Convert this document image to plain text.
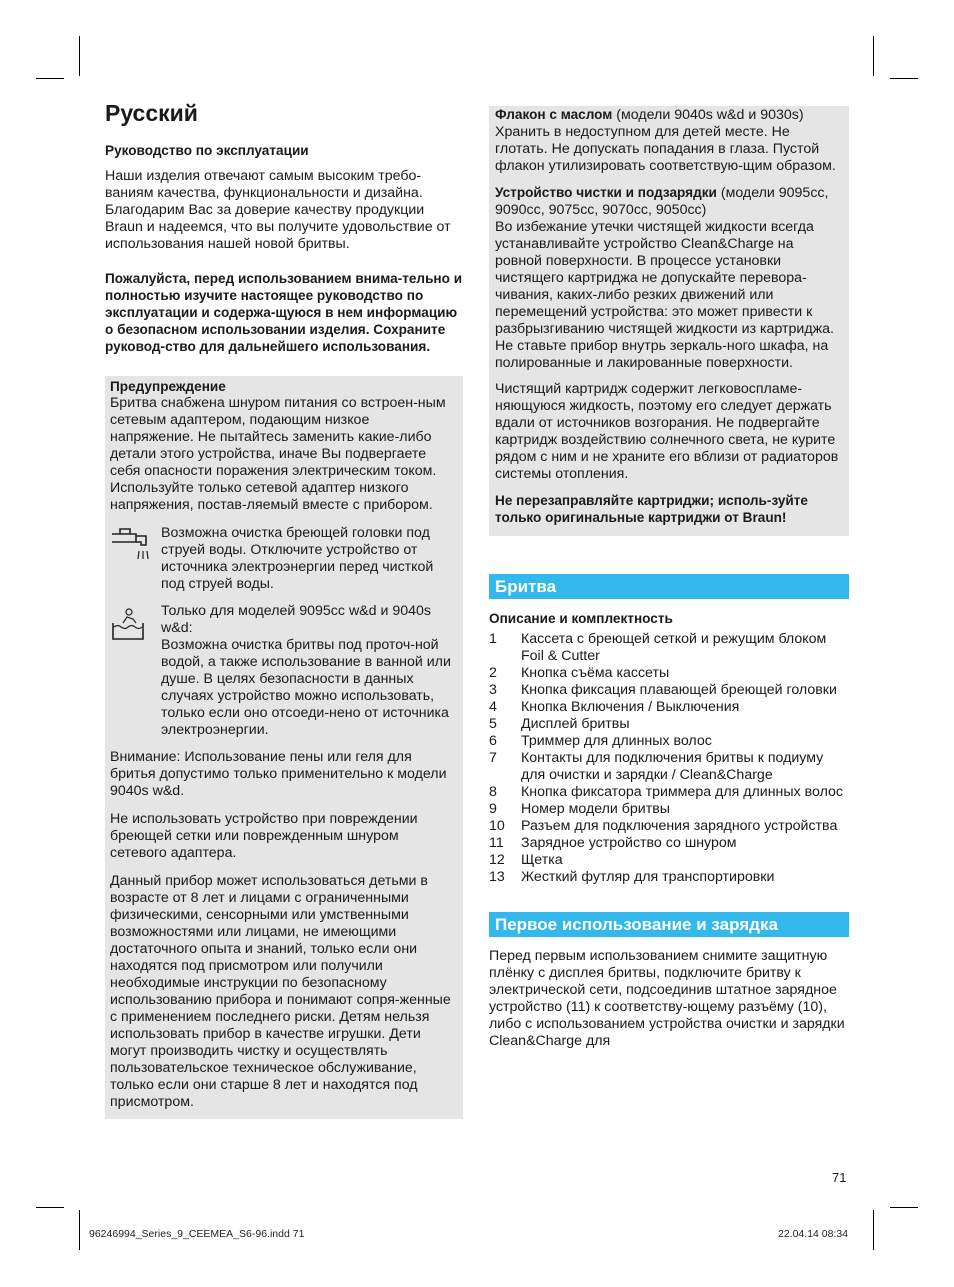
Русский
Руководство по эксплуатации

Наши изделия отвечают самым высоким требо-ваниям качества, функциональности и дизайна. Благодарим Вас за доверие качеству продукции Braun и надеемся, что вы получите удовольствие от использования нашей новой бритвы.

Пожалуйста, перед использованием внима-тельно и полностью изучите настоящее руководство по эксплуатации и содержа-щуюся в нем информацию о безопасном использовании изделия. Сохраните руковод-ство для дальнейшего использования.

Предупреждение

Бритва снабжена шнуром питания со встроен-ным сетевым адаптером, подающим низкое напряжение. Не пытайтесь заменить какие-либо детали этого устройства, иначе Вы подвергаете себя опасности поражения электрическим током. Используйте только сетевой адаптер низкого напряжения, постав-ляемый вместе с прибором.

Возможна очистка бреющей головки под струей воды. Отключите устройство от источника электроэнергии перед чисткой под струей воды.
Только для моделей 9095cc w&d и 9040s w&d:
Возможна очистка бритвы под проточ-ной водой, а также использование в ванной или душе. В целях безопасности в данных случаях устройство можно использовать, только если оно отсоеди-нено от источника электроэнергии.

Внимание: Использование пены или геля для бритья допустимо только применительно к модели 9040s w&d.

Не использовать устройство при повреждении бреющей сетки или поврежденным шнуром сетевого адаптера.

Данный прибор может использоваться детьми в возрасте от 8 лет и лицами с ограниченными физическими, сенсорными или умственными возможностями или лицами, не имеющими достаточного опыта и знаний, только если они находятся под присмотром или получили необходимые инструкции по безопасному использованию прибора и понимают сопря-женные с применением последнего риски. Детям нельзя использовать прибор в качестве игрушки. Дети могут производить чистку и осуществлять пользовательское техническое обслуживание, только если они старше 8 лет и находятся под присмотром.

Флакон с маслом (модели 9040s w&d и 9030s)
Хранить в недоступном для детей месте. Не глотать. Не допускать попадания в глаза. Пустой флакон утилизировать соответствую-щим образом.

Устройство чистки и подзарядки (модели 9095cc, 9090cc, 9075cc, 9070cc, 9050cc)
Во избежание утечки чистящей жидкости всегда устанавливайте устройство Clean&Charge на ровной поверхности. В процессе установки чистящего картриджа не допускайте перевора-чивания, каких-либо резких движений или перемещений устройства: это может привести к разбрызгиванию чистящей жидкости из картриджа. Не ставьте прибор внутрь зеркаль-ного шкафа, на полированные и лакированные поверхности.

Чистящий картридж содержит легковоспламе-няющуюся жидкость, поэтому его следует держать вдали от источников возгорания. Не подвергайте картридж воздействию солнечного света, не курите рядом с ним и не храните его вблизи от радиаторов системы отопления.

Не перезаправляйте картриджи; исполь-зуйте только оригинальные картриджи от Braun!

Бритва
Описание и комплектность
1	Кассета с бреющей сеткой и режущим блоком Foil & Cutter
2	Кнопка съёма кассеты
3	Кнопка фиксация плавающей бреющей головки
4	Кнопка Включения / Выключения
5	Дисплей бритвы
6	Триммер для длинных волос
7	Контакты для подключения бритвы к подиуму для очистки и зарядки / Clean&Charge
8	Кнопка фиксатора триммера для длинных волос
9	Номер модели бритвы
10	Разъем для подключения зарядного устройства
11	Зарядное устройство со шнуром
12	Щетка
13	Жесткий футляр для транспортировки
Первое использование и зарядка

Перед первым использованием снимите защитную плёнку с дисплея бритвы, подключите бритву к электрической сети, подсоединив штатное зарядное устройство (11) к соответству-ющему разъёму (10), либо с использованием устройства очистки и зарядки Clean&Charge для

71
96246994_Series_9_CEEMEA_S6-96.indd 71	22.04.14 08:34
